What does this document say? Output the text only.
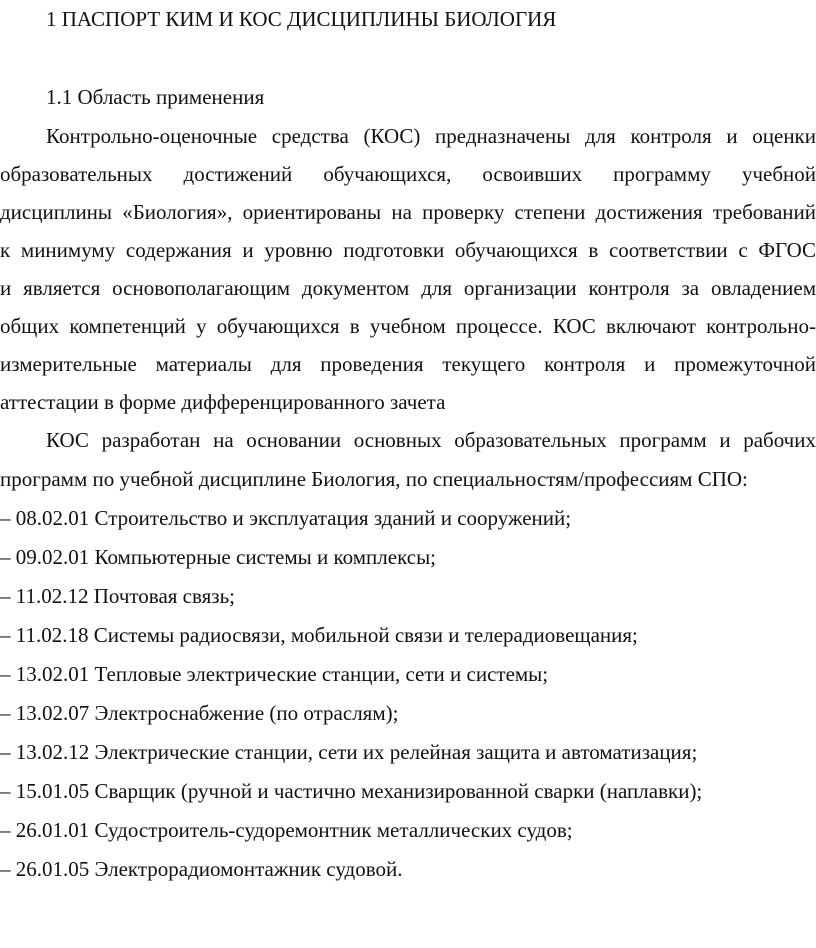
1 ПАСПОРТ КИМ И КОС ДИСЦИПЛИНЫ БИОЛОГИЯ
1.1 Область применения
Контрольно-оценочные средства (КОС) предназначены для контроля и оценки
образовательных достижений обучающихся, освоивших программу учебной
дисциплины «Биология», ориентированы на проверку степени достижения требований
к минимуму содержания и уровню подготовки обучающихся в соответствии с ФГОС
и является основополагающим документом для организации контроля за овладением
общих компетенций у обучающихся в учебном процессе. КОС включают контрольно-
измерительные материалы для проведения текущего контроля и промежуточной
аттестации в форме дифференцированного зачета
КОС разработан на основании основных образовательных программ и рабочих
программ по учебной дисциплине Биология, по специальностям/профессиям СПО:
– 08.02.01 Строительство и эксплуатация зданий и сооружений;
– 09.02.01 Компьютерные системы и комплексы;
– 11.02.12 Почтовая связь;
– 11.02.18 Системы радиосвязи, мобильной связи и телерадиовещания;
– 13.02.01 Тепловые электрические станции, сети и системы;
– 13.02.07 Электроснабжение (по отраслям);
– 13.02.12 Электрические станции, сети их релейная защита и автоматизация;
– 15.01.05 Сварщик (ручной и частично механизированной сварки (наплавки);
– 26.01.01 Судостроитель-судоремонтник металлических судов;
– 26.01.05 Электрорадиомонтажник судовой.
